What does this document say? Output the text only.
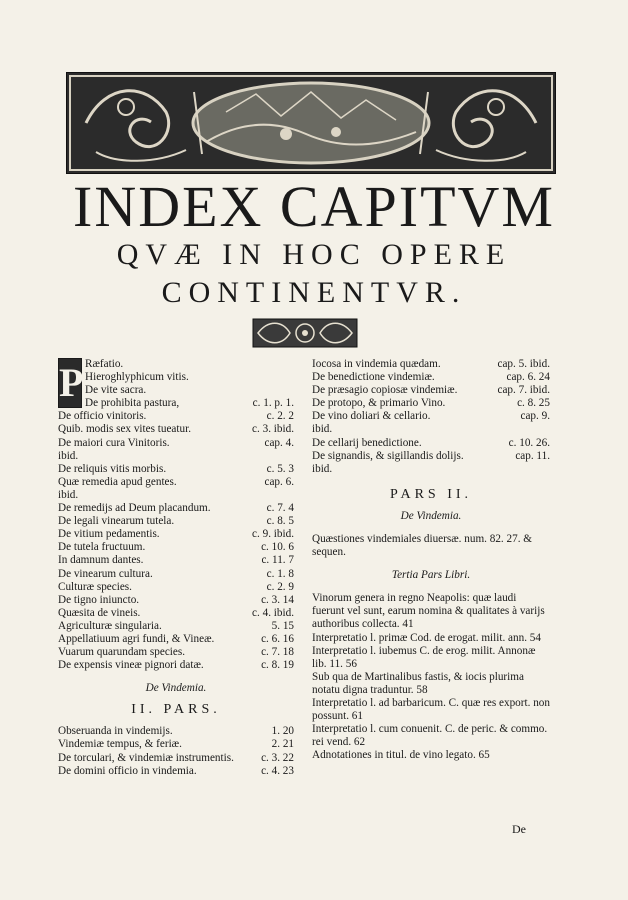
INDEX CAPITVM
QVÆ IN HOC OPERE
CONTINENTVR.
P Ræfatio.
Hieroghlyphicum vitis.
De vite sacra.
De prohibita pastura,	c. 1. p. 1.
De officio vinitoris.	c. 2. 2
Quib. modis sex vites tueatur.	c. 3. ibid.
De maiori cura Vinitoris.	cap. 4.
ibid.
De reliquis vitis morbis.	c. 5. 3
Quæ remedia apud gentes.	cap. 6.
ibid.
De remedijs ad Deum placandum.	c. 7. 4
De legali vinearum tutela.	c. 8. 5
De vitium pedamentis.	c. 9. ibid.
De tutela fructuum.	c. 10. 6
In damnum dantes.	c. 11. 7
De vinearum cultura.	c. 1. 8
Culturæ species.	c. 2. 9
De tigno iniuncto.	c. 3. 14
Quæsita de vineis.	c. 4. ibid.
Agriculturæ singularia.	5. 15
Appellatiuum agri fundi, & Vineæ.	c. 6. 16
Vuarum quarundam species.	c. 7. 18
De expensis vineæ pignori datæ.	c. 8. 19
De Vindemia.
II. PARS.
Obseruanda in vindemijs.	1. 20
Vindemiæ tempus, & feriæ.	2. 21
De torculari, & vindemiæ instrumentis.	c. 3. 22
De domini officio in vindemia.	c. 4. 23
Iocosa in vindemia quædam.	cap. 5. ibid.
De benedictione vindemiæ.	cap. 6. 24
De præsagio copiosæ vindemiæ.	cap. 7. ibid.
De protopo, & primario Vino.	c. 8. 25
De vino doliari & cellario.	cap. 9.
ibid.
De cellarij benedictione.	c. 10. 26.
De signandis, & sigillandis dolijs.	cap. 11.
ibid.
PARS II.
De Vindemia.
Quæstiones vindemiales diuersæ. num. 82. 27. & sequen.
Tertia Pars Libri.
Vinorum genera in regno Neapolis: quæ laudi fuerunt vel sunt, earum nomina & qualitates à varijs authoribus collecta. 41
Interpretatio l. primæ Cod. de erogat. milit. ann. 54
Interpretatio l. iubemus C. de erog. milit. Annonæ lib. 11. 56
Sub qua de Martinalibus fastis, & iocis plurima notatu digna traduntur. 58
Interpretatio l. ad barbaricum. C. quæ res export. non possunt. 61
Interpretatio l. cum conuenit. C. de peric. & commo. rei vend. 62
Adnotationes in titul. de vino legato. 65
De
